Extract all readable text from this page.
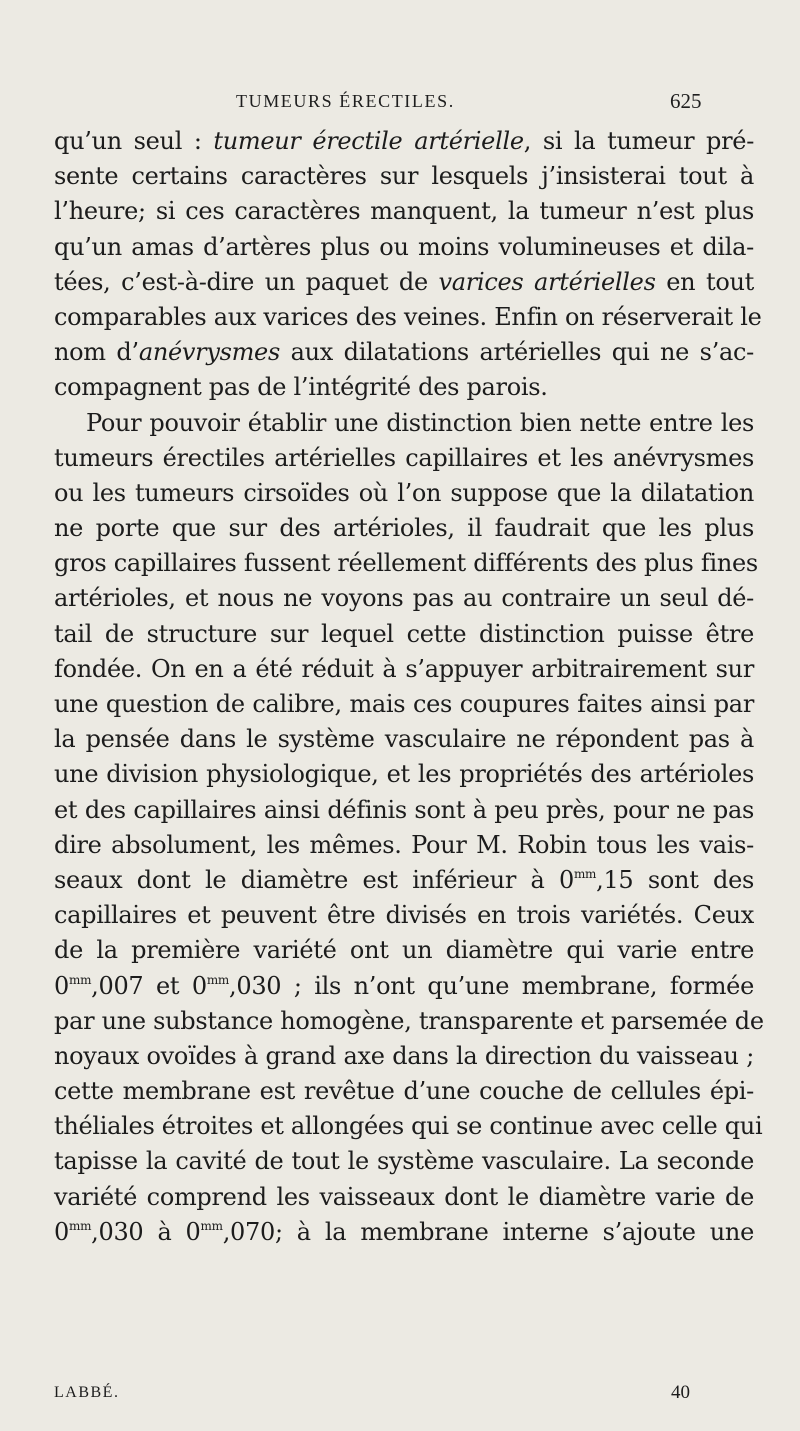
TUMEURS ÉRECTILES.	625
qu’un seul : tumeur érectile artérielle, si la tumeur pré-
sente certains caractères sur lesquels j’insisterai tout à
l’heure; si ces caractères manquent, la tumeur n’est plus
qu’un amas d’artères plus ou moins volumineuses et dila-
tées, c’est-à-dire un paquet de varices artérielles en tout
comparables aux varices des veines. Enfin on réserverait le
nom d’anévrysmes aux dilatations artérielles qui ne s’ac-
compagnent pas de l’intégrité des parois.
Pour pouvoir établir une distinction bien nette entre les
tumeurs érectiles artérielles capillaires et les anévrysmes
ou les tumeurs cirsoïdes où l’on suppose que la dilatation
ne porte que sur des artérioles, il faudrait que les plus
gros capillaires fussent réellement différents des plus fines
artérioles, et nous ne voyons pas au contraire un seul dé-
tail de structure sur lequel cette distinction puisse être
fondée. On en a été réduit à s’appuyer arbitrairement sur
une question de calibre, mais ces coupures faites ainsi par
la pensée dans le système vasculaire ne répondent pas à
une division physiologique, et les propriétés des artérioles
et des capillaires ainsi définis sont à peu près, pour ne pas
dire absolument, les mêmes. Pour M. Robin tous les vais-
seaux dont le diamètre est inférieur à $0^{mm},15$ sont des
capillaires et peuvent être divisés en trois variétés. Ceux
de la première variété ont un diamètre qui varie entre
$0^{mm},007$ et $0^{mm},030$ ; ils n’ont qu’une membrane, formée
par une substance homogène, transparente et parsemée de
noyaux ovoïdes à grand axe dans la direction du vaisseau ;
cette membrane est revêtue d’une couche de cellules épi-
théliales étroites et allongées qui se continue avec celle qui
tapisse la cavité de tout le système vasculaire. La seconde
variété comprend les vaisseaux dont le diamètre varie de
$0^{mm},030$ à $0^{mm},070$; à la membrane interne s’ajoute une
LABBÉ.	40
